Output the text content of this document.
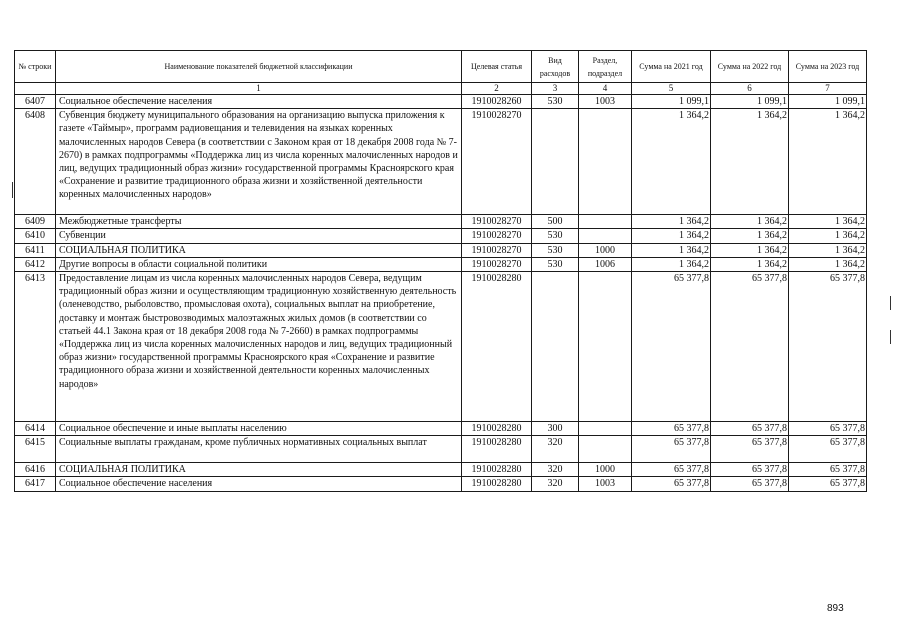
№ строки	Наименование показателей бюджетной классификации	Целевая статья	Вид расходов	Раздел, подраздел	Сумма на 2021 год	Сумма на 2022 год	Сумма на 2023 год
	1	2	3	4	5	6	7
6407	Социальное обеспечение населения	1910028260	530	1003	1 099,1	1 099,1	1 099,1
6408	Субвенция бюджету муниципального образования на организацию выпуска приложения к газете «Таймыр», программ радиовещания и телевидения на языках коренных малочисленных народов Севера (в соответствии с Законом края от 18 декабря 2008 года № 7-2670) в рамках подпрограммы «Поддержка лиц из числа коренных малочисленных народов и лиц, ведущих традиционный образ жизни» государственной программы Красноярского края «Сохранение и развитие традиционного образа жизни и хозяйственной деятельности коренных малочисленных народов»	1910028270			1 364,2	1 364,2	1 364,2
6409	Межбюджетные трансферты	1910028270	500		1 364,2	1 364,2	1 364,2
6410	Субвенции	1910028270	530		1 364,2	1 364,2	1 364,2
6411	СОЦИАЛЬНАЯ ПОЛИТИКА	1910028270	530	1000	1 364,2	1 364,2	1 364,2
6412	Другие вопросы в области социальной политики	1910028270	530	1006	1 364,2	1 364,2	1 364,2
6413	Предоставление лицам из числа коренных малочисленных народов Севера, ведущим традиционный образ жизни и осуществляющим традиционную хозяйственную деятельность (оленеводство, рыболовство, промысловая охота), социальных выплат на приобретение, доставку и монтаж быстровозводимых малоэтажных жилых домов (в соответствии со статьей 44.1 Закона края от 18 декабря 2008 года № 7-2660) в рамках подпрограммы «Поддержка лиц из числа коренных малочисленных народов и лиц, ведущих традиционный образ жизни» государственной программы Красноярского края «Сохранение и развитие традиционного образа жизни и хозяйственной деятельности коренных малочисленных народов»	1910028280			65 377,8	65 377,8	65 377,8
6414	Социальное обеспечение и иные выплаты населению	1910028280	300		65 377,8	65 377,8	65 377,8
6415	Социальные выплаты гражданам, кроме публичных нормативных социальных выплат	1910028280	320		65 377,8	65 377,8	65 377,8
6416	СОЦИАЛЬНАЯ ПОЛИТИКА	1910028280	320	1000	65 377,8	65 377,8	65 377,8
6417	Социальное обеспечение населения	1910028280	320	1003	65 377,8	65 377,8	65 377,8
893
